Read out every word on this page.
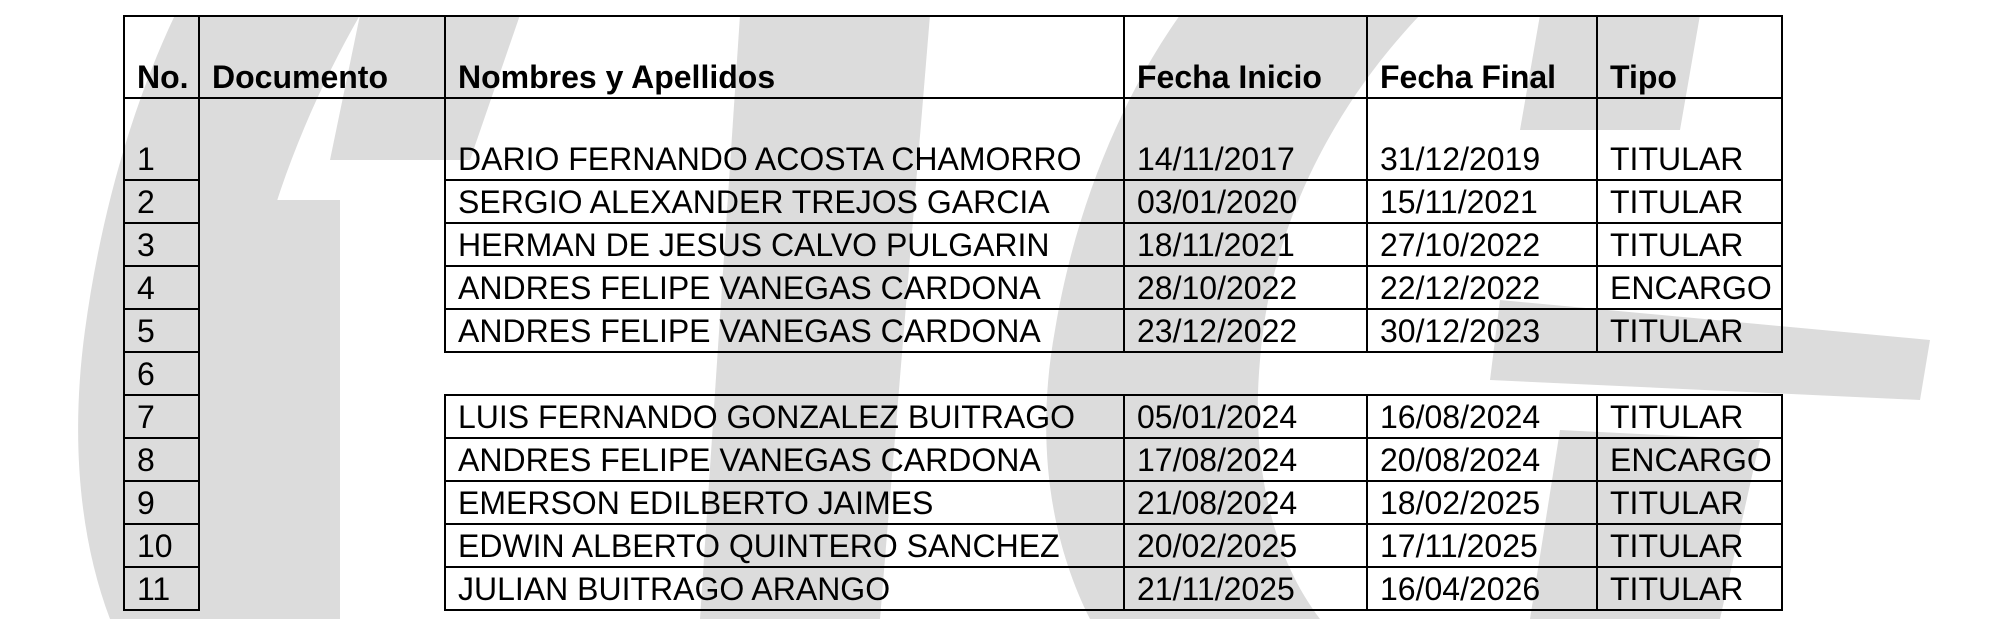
No.	Documento	Nombres y Apellidos	Fecha Inicio	Fecha Final	Tipo
1		DARIO FERNANDO ACOSTA CHAMORRO	14/11/2017	31/12/2019	TITULAR
2		SERGIO ALEXANDER TREJOS GARCIA	03/01/2020	15/11/2021	TITULAR
3		HERMAN DE JESUS CALVO PULGARIN	18/11/2021	27/10/2022	TITULAR
4		ANDRES FELIPE VANEGAS CARDONA	28/10/2022	22/12/2022	ENCARGO
5		ANDRES FELIPE VANEGAS CARDONA	23/12/2022	30/12/2023	TITULAR
6					
7		LUIS FERNANDO GONZALEZ BUITRAGO	05/01/2024	16/08/2024	TITULAR
8		ANDRES FELIPE VANEGAS CARDONA	17/08/2024	20/08/2024	ENCARGO
9		EMERSON EDILBERTO JAIMES	21/08/2024	18/02/2025	TITULAR
10		EDWIN ALBERTO QUINTERO SANCHEZ	20/02/2025	17/11/2025	TITULAR
11		JULIAN BUITRAGO ARANGO	21/11/2025	16/04/2026	TITULAR
